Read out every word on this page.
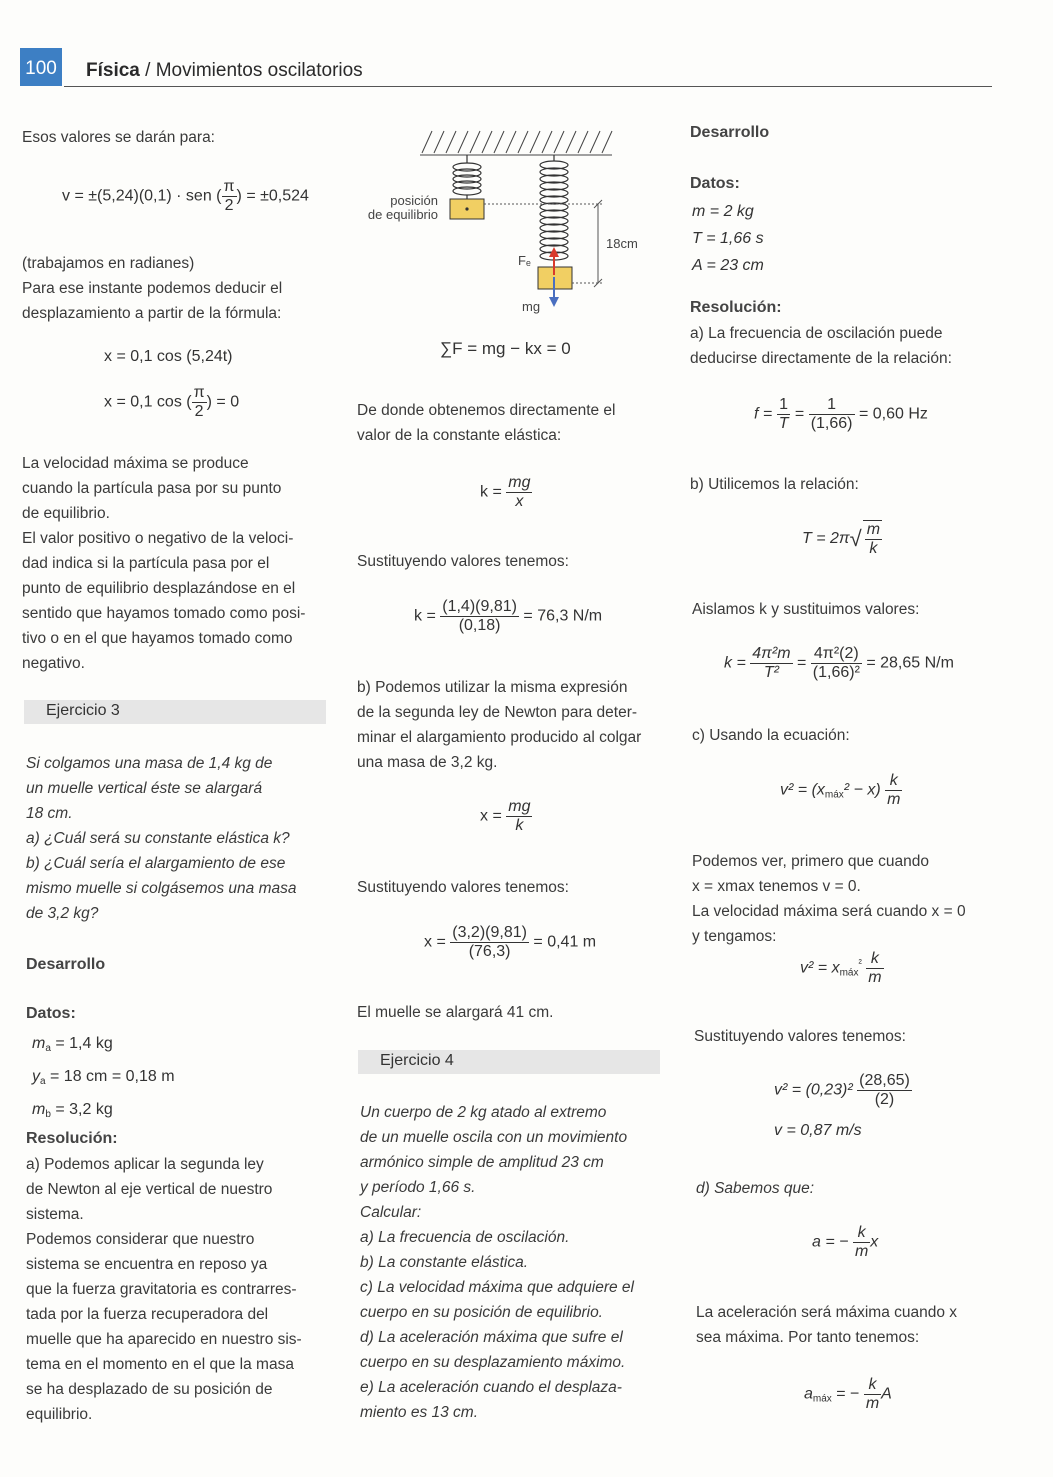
100 Física / Movimientos oscilatorios

Esos valores se darán para:

v = ±(5,24)(0,1) · sen ( $\frac{\pi}{2}$ ) = ±0,524

(trabajamos en radianes)

Para ese instante podemos deducir el

desplazamiento a partir de la fórmula:

x = 0,1 cos (5,24t)
x = 0,1 cos ( $\frac{\pi}{2}$ ) = 0

La velocidad máxima se produce

cuando la partícula pasa por su punto

de equilibrio.

El valor positivo o negativo de la veloci-

dad indica si la partícula pasa por el

punto de equilibrio desplazándose en el

sentido que hayamos tomado como posi-

tivo o en el que hayamos tomado como

negativo.

Ejercicio 3

Si colgamos una masa de 1,4 kg de

un muelle vertical éste se alargará

18 cm.

a) ¿Cuál será su constante elástica k?

b) ¿Cuál sería el alargamiento de ese

mismo muelle si colgásemos una masa

de 3,2 kg?

Desarrollo
Datos:
$m_a = 1,4$ kg
$y_a = 18$ cm = 0,18 m
$m_b = 3,2$ kg
Resolución:

a) Podemos aplicar la segunda ley

de Newton al eje vertical de nuestro

sistema.

Podemos considerar que nuestro

sistema se encuentra en reposo ya

que la fuerza gravitatoria es contrarres-

tada por la fuerza recuperadora del

muelle que ha aparecido en nuestro sis-

tema en el momento en el que la masa

se ha desplazado de su posición de

equilibrio.

posición
de equilibrio
18cm
Fₑ
mg
∑F = mg − kx = 0

De donde obtenemos directamente el

valor de la constante elástica:

$k = \frac{mg}{x}$

Sustituyendo valores tenemos:

$k = \frac{(1,4)(9,81)}{(0,18)} = 76,3$ N/m

b) Podemos utilizar la misma expresión

de la segunda ley de Newton para deter-

minar el alargamiento producido al colgar

una masa de 3,2 kg.

$x = \frac{mg}{k}$

Sustituyendo valores tenemos:

$x = \frac{(3,2)(9,81)}{(76,3)} = 0,41$ m

El muelle se alargará 41 cm.

Ejercicio 4

Un cuerpo de 2 kg atado al extremo

de un muelle oscila con un movimiento

armónico simple de amplitud 23 cm

y período 1,66 s.

Calcular:

a) La frecuencia de oscilación.

b) La constante elástica.

c) La velocidad máxima que adquiere el

cuerpo en su posición de equilibrio.

d) La aceleración máxima que sufre el

cuerpo en su desplazamiento máximo.

e) La aceleración cuando el desplaza-

miento es 13 cm.

Desarrollo
Datos:
m = 2 kg
T = 1,66 s
A = 23 cm
Resolución:

a) La frecuencia de oscilación puede

deducirse directamente de la relación:

$f = \frac{1}{T} = \frac{1}{(1,66)} = 0,60$ Hz

b) Utilicemos la relación:

$T = 2\pi√ \frac{m}{k}$

Aislamos k y sustituimos valores:

$k = \frac{\text{4π²m}}{\text{T²}} = \frac{\text{4π²(2)}}{\text{(1,66)²}} = 28,65$ N/m

c) Usando la ecuación:

$v^2 = (x_{máx}^2 - x) \frac{k}{m}$

Podemos ver, primero que cuando

x = xmax tenemos v = 0.

La velocidad máxima será cuando x = 0

y tengamos:

$v^2 = x_{máx}^{^2} \frac{k}{m}$

Sustituyendo valores tenemos:

$v^2 = (0,23)^2 \frac{(28,65)}{(2)}$
v = 0,87 m/s

d) Sabemos que:

a = − $\frac{k}{m}$ x

La aceleración será máxima cuando x

sea máxima. Por tanto tenemos:

$a_{máx}$ = − $\frac{k}{m}$ A
